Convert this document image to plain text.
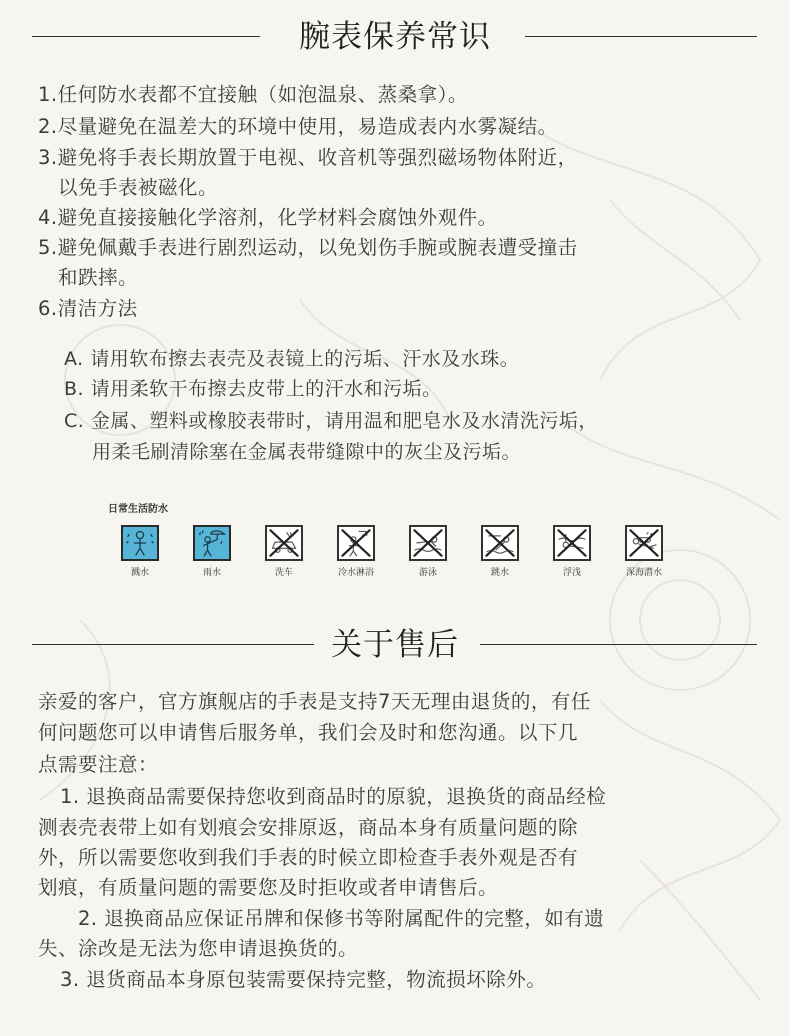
腕表保养常识
1.任何防水表都不宜接触（如泡温泉、蒸桑拿）。
2.尽量避免在温差大的环境中使用，易造成表内水雾凝结。
3.避免将手表长期放置于电视、收音机等强烈磁场物体附近，
以免手表被磁化。
4.避免直接接触化学溶剂，化学材料会腐蚀外观件。
5.避免佩戴手表进行剧烈运动，以免划伤手腕或腕表遭受撞击
和跌摔。
6.清洁方法
A. 请用软布擦去表壳及表镜上的污垢、汗水及水珠。
B. 请用柔软干布擦去皮带上的汗水和污垢。
C. 金属、塑料或橡胶表带时，请用温和肥皂水及水清洗污垢，
用柔毛刷清除塞在金属表带缝隙中的灰尘及污垢。
日常生活防水
溅水	雨水	洗车	冷水淋浴	游泳	跳水	浮浅	深海潜水
关于售后
亲爱的客户，官方旗舰店的手表是支持7天无理由退货的，有任
何问题您可以申请售后服务单，我们会及时和您沟通。以下几
点需要注意：
1. 退换商品需要保持您收到商品时的原貌，退换货的商品经检
测表壳表带上如有划痕会安排原返，商品本身有质量问题的除
外，所以需要您收到我们手表的时候立即检查手表外观是否有
划痕，有质量问题的需要您及时拒收或者申请售后。
2. 退换商品应保证吊牌和保修书等附属配件的完整，如有遗
失、涂改是无法为您申请退换货的。
3. 退货商品本身原包装需要保持完整，物流损坏除外。
